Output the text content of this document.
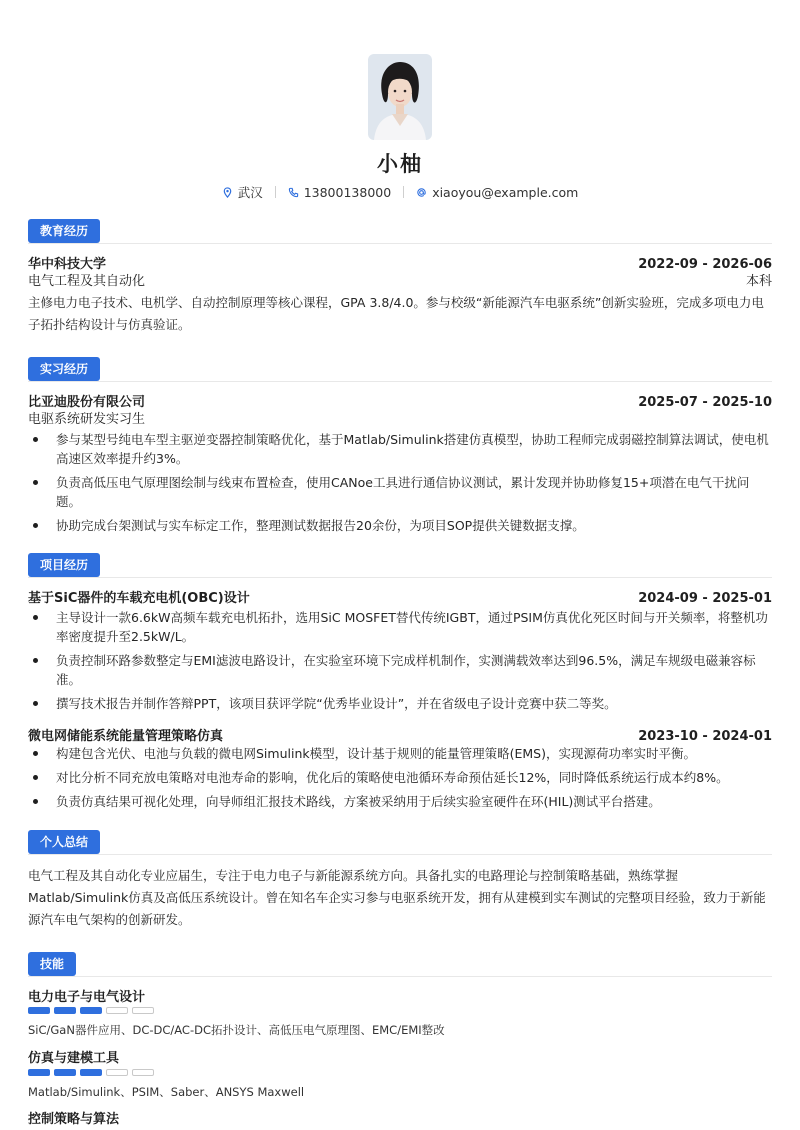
小柚
武汉	13800138000	xiaoyou@example.com
教育经历
华中科技大学	2022-09 - 2026-06
电气工程及其自动化	本科

主修电力电子技术、电机学、自动控制原理等核心课程，GPA 3.8/4.0。参与校级“新能源汽车电驱系统”创新实验班，完成多项电力电子拓扑结构设计与仿真验证。

实习经历
比亚迪股份有限公司	2025-07 - 2025-10
电驱系统研发实习生
参与某型号纯电车型主驱逆变器控制策略优化，基于Matlab/Simulink搭建仿真模型，协助工程师完成弱磁控制算法调试，使电机高速区效率提升约3%。
负责高低压电气原理图绘制与线束布置检查，使用CANoe工具进行通信协议测试，累计发现并协助修复15+项潜在电气干扰问题。
协助完成台架测试与实车标定工作，整理测试数据报告20余份，为项目SOP提供关键数据支撑。
项目经历
基于SiC器件的车载充电机(OBC)设计	2024-09 - 2025-01
主导设计一款6.6kW高频车载充电机拓扑，选用SiC MOSFET替代传统IGBT，通过PSIM仿真优化死区时间与开关频率，将整机功率密度提升至2.5kW/L。
负责控制环路参数整定与EMI滤波电路设计，在实验室环境下完成样机制作，实测满载效率达到96.5%，满足车规级电磁兼容标准。
撰写技术报告并制作答辩PPT，该项目获评学院“优秀毕业设计”，并在省级电子设计竞赛中获二等奖。
微电网储能系统能量管理策略仿真	2023-10 - 2024-01
构建包含光伏、电池与负载的微电网Simulink模型，设计基于规则的能量管理策略(EMS)，实现源荷功率实时平衡。
对比分析不同充放电策略对电池寿命的影响，优化后的策略使电池循环寿命预估延长12%，同时降低系统运行成本约8%。
负责仿真结果可视化处理，向导师组汇报技术路线，方案被采纳用于后续实验室硬件在环(HIL)测试平台搭建。
个人总结

电气工程及其自动化专业应届生，专注于电力电子与新能源系统方向。具备扎实的电路理论与控制策略基础，熟练掌握Matlab/Simulink仿真及高低压系统设计。曾在知名车企实习参与电驱系统开发，拥有从建模到实车测试的完整项目经验，致力于新能源汽车电气架构的创新研发。

技能
电力电子与电气设计
SiC/GaN器件应用、DC-DC/AC-DC拓扑设计、高低压电气原理图、EMC/EMI整改
仿真与建模工具
Matlab/Simulink、PSIM、Saber、ANSYS Maxwell
控制策略与算法
